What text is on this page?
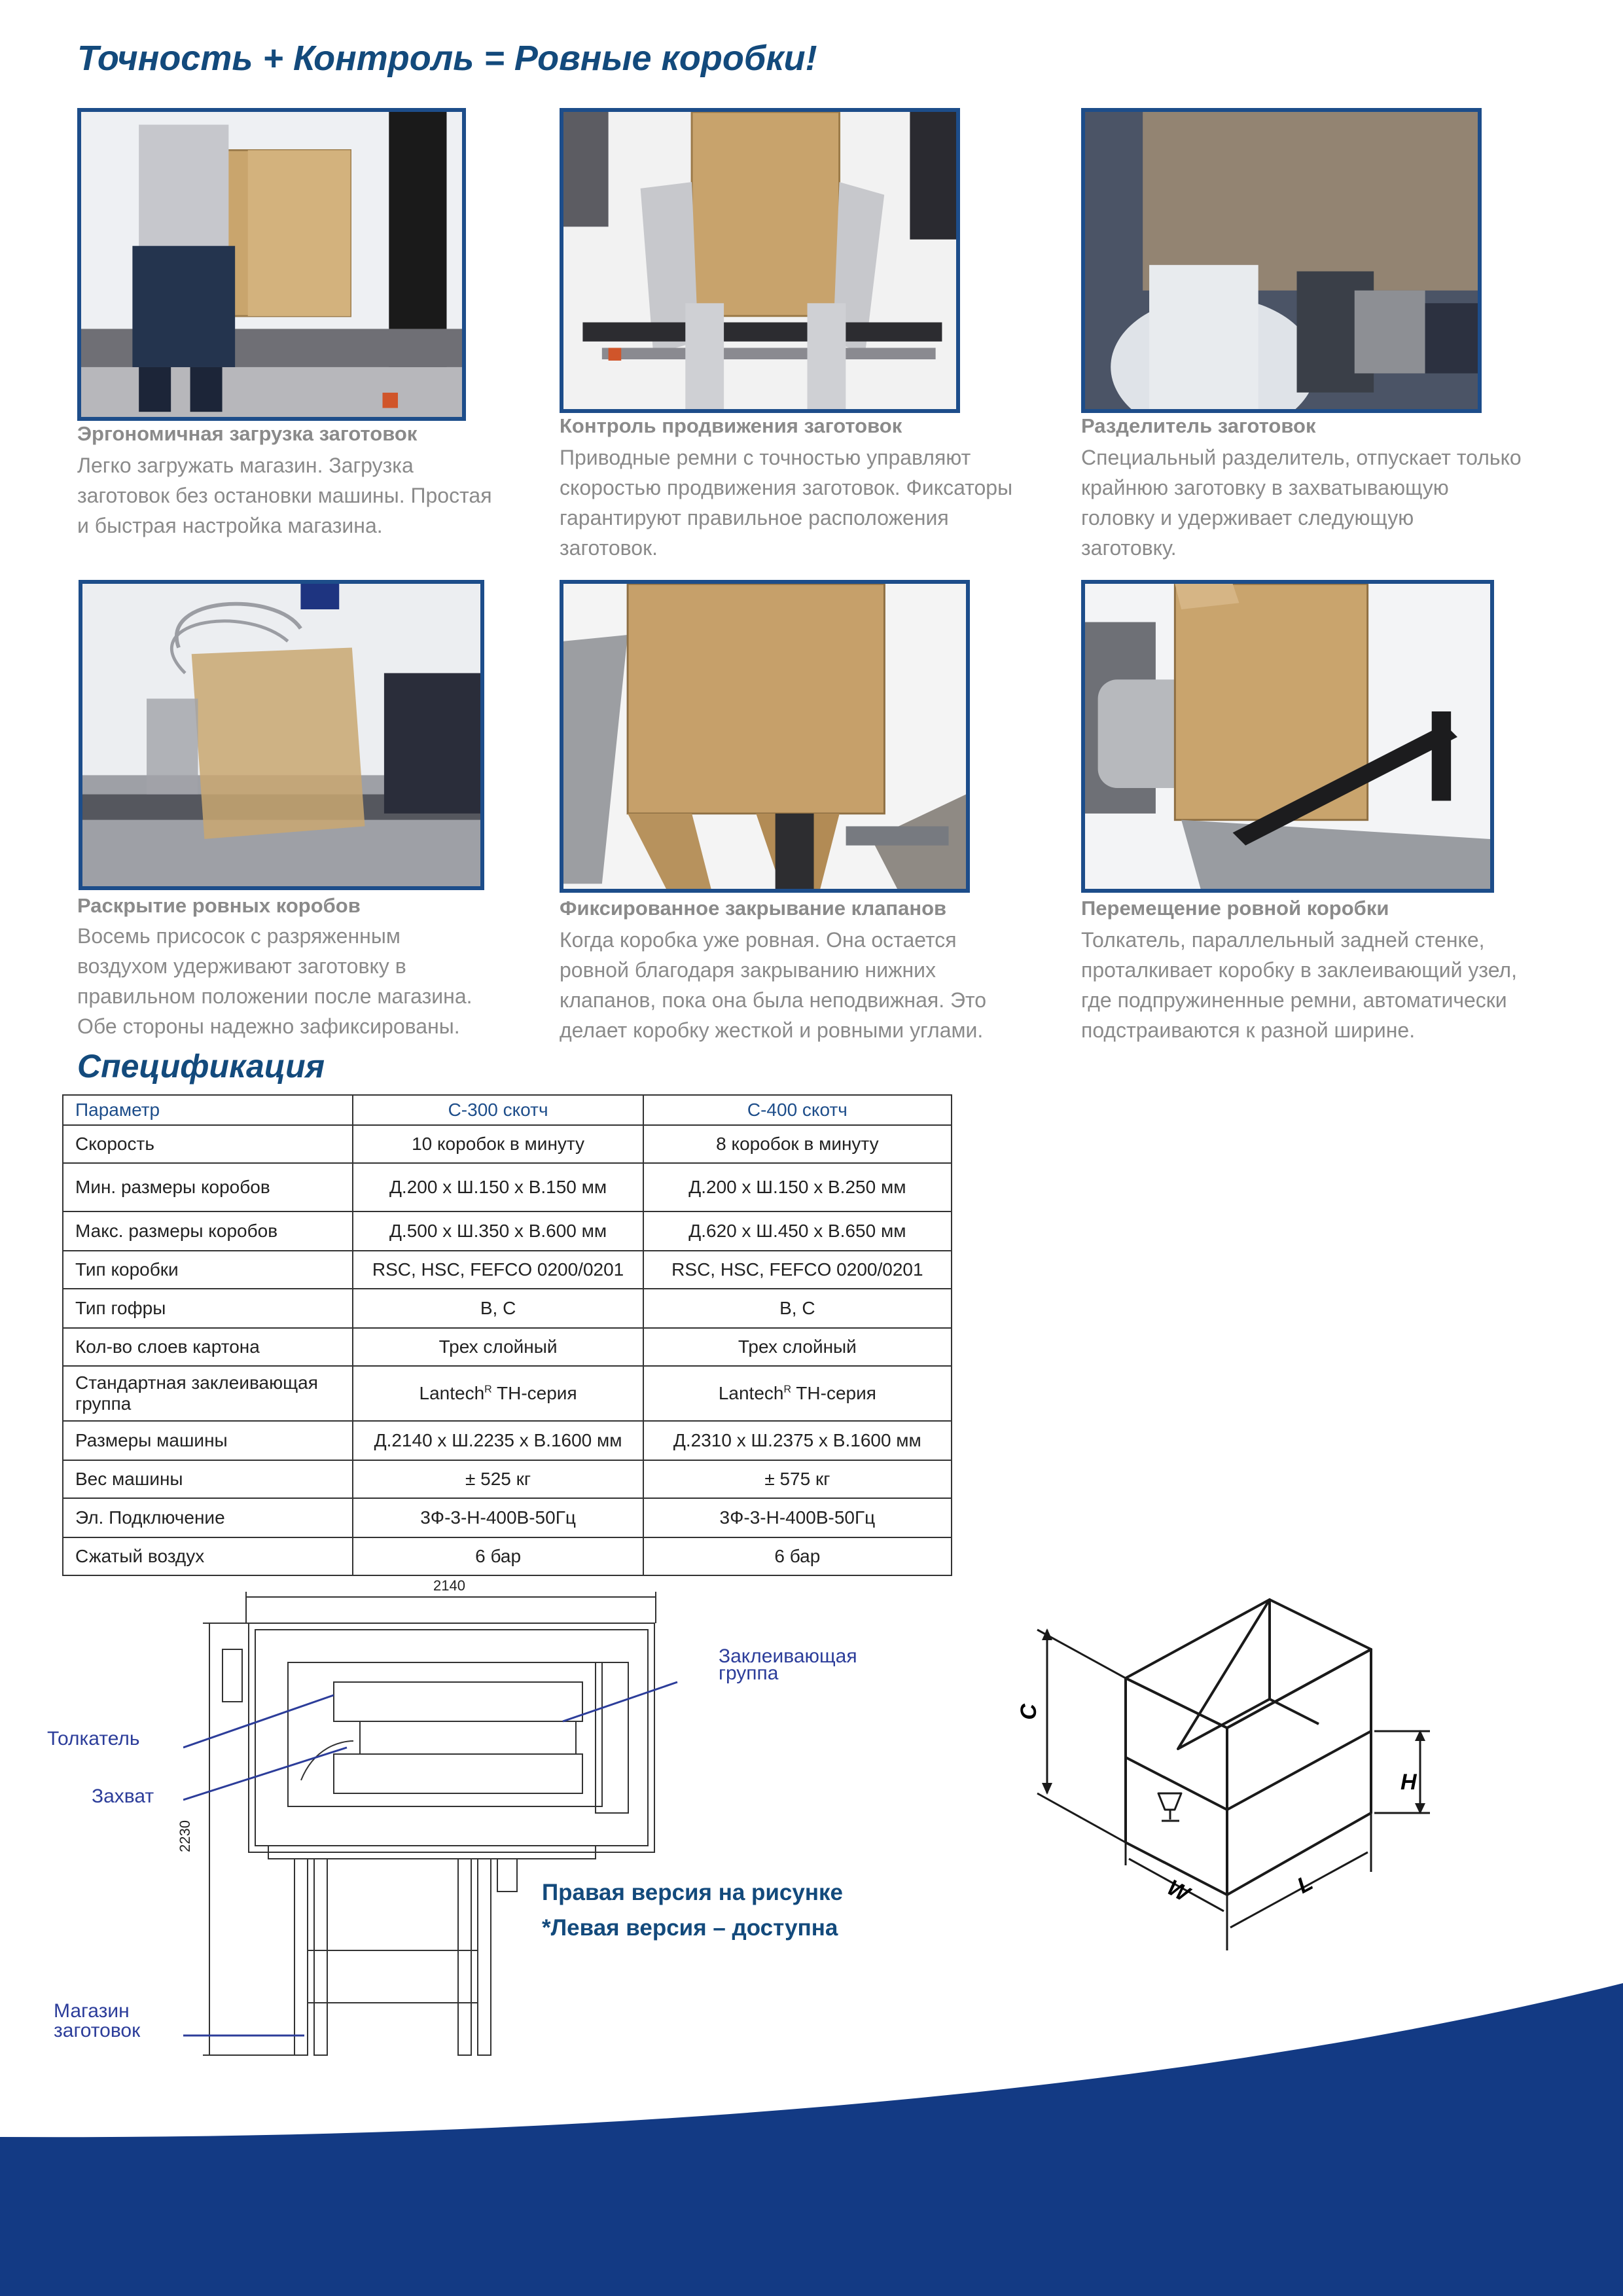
Точность + Контроль = Ровные коробки!
Эргономичная загрузка заготовок
Легко загружать магазин. Загрузка
заготовок без остановки машины. Простая
и быстрая настройка магазина.
Контроль продвижения заготовок
Приводные ремни с точностью управляют
скоростью продвижения заготовок. Фиксаторы
гарантируют правильное расположения
заготовок.
Разделитель заготовок
Специальный разделитель, отпускает только
крайнюю заготовку в захватывающую
головку и удерживает следующую
заготовку.
Раскрытие ровных коробов
Восемь присосок с разряженным
воздухом удерживают заготовку в
правильном положении после магазина.
Обе стороны надежно зафиксированы.
Фиксированное закрывание клапанов
Когда коробка уже ровная. Она остается
ровной благодаря закрыванию нижних
клапанов, пока она была неподвижная. Это
делает коробку жесткой и ровными углами.
Перемещение ровной коробки
Толкатель, параллельный задней стенке,
проталкивает коробку в заклеивающий узел,
где подпружиненные ремни, автоматически
подстраиваются к разной ширине.
Спецификация
Параметр	С-300 скотч	С-400 скотч
Скорость	10 коробок в минуту	8 коробок в минуту
Мин. размеры коробов	Д.200 х Ш.150 х В.150 мм	Д.200 х Ш.150 х В.250 мм
Макс. размеры коробов	Д.500 х Ш.350 х В.600 мм	Д.620 х Ш.450 х В.650 мм
Тип коробки	RSC, HSC, FEFCO 0200/0201	RSC, HSC, FEFCO 0200/0201
Тип гофры	B, C	B, C
Кол-во слоев картона	Трех слойный	Трех слойный
Стандартная заклеивающая группа	Lantech$^R$ TH-серия	Lantech$^R$ TH-серия
Размеры машины	Д.2140 х Ш.2235 х В.1600 мм	Д.2310 х Ш.2375 х В.1600 мм
Вес машины	± 525 кг	± 575 кг
Эл. Подключение	3Ф-3-Н-400В-50Гц	3Ф-3-Н-400В-50Гц
Сжатый воздух	6 бар	6 бар
2140
2230
Толкатель
Захват
Заклеивающая
группа
Магазин
заготовок
Правая версия на рисунке
*Левая версия – доступна
C
H
W	L
